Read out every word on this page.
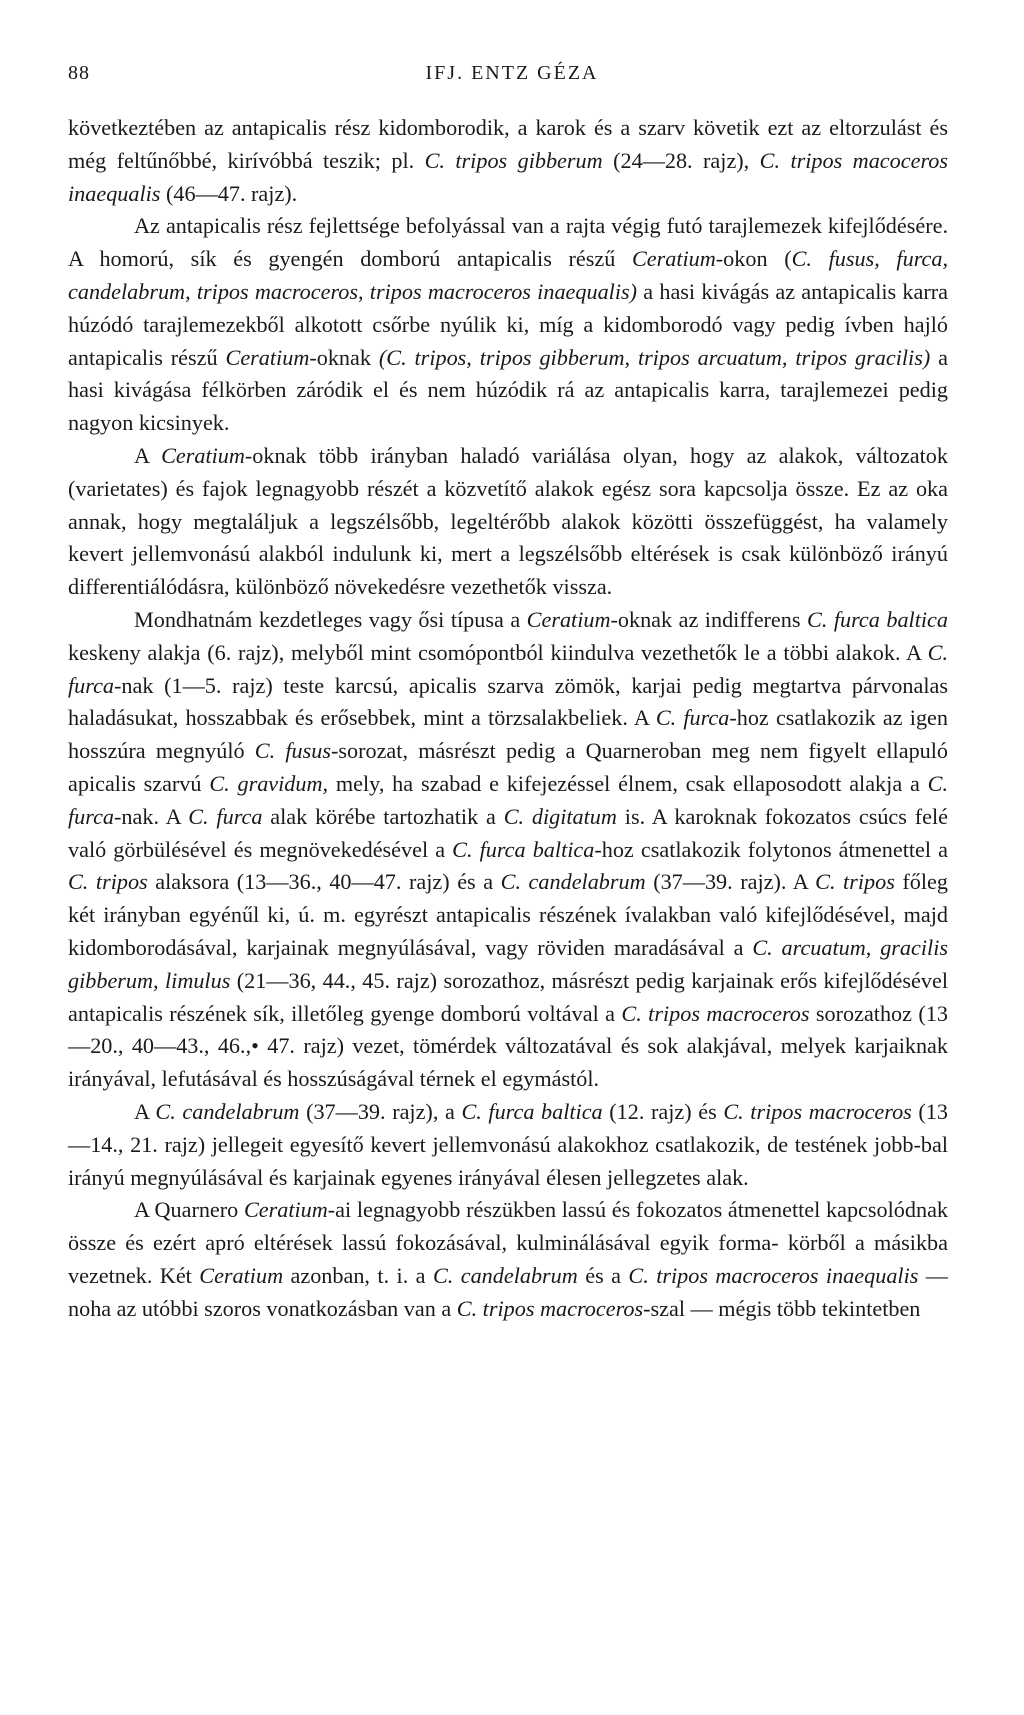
88	IFJ. ENTZ GÉZA

következtében az antapicalis rész kidomborodik, a karok és a szarv követik ezt az eltorzulást és még feltűnőbbé, kirívóbbá teszik; pl. C. tripos gibberum (24—28. rajz), C. tripos macoceros inaequalis (46—47. rajz).

Az antapicalis rész fejlettsége befolyással van a rajta végig futó tarajlemezek kifejlődésére. A homorú, sík és gyengén domború antapicalis részű Ceratium-okon (C. fusus, furca, candelabrum, tripos macroceros, tripos macroceros inaequalis) a hasi kivágás az antapicalis karra húzódó tarajlemezekből alkotott csőrbe nyúlik ki, míg a kidomborodó vagy pedig ívben hajló antapicalis részű Ceratium-oknak (C. tripos, tripos gibberum, tripos arcuatum, tripos gracilis) a hasi kivágása félkörben záródik el és nem húzódik rá az antapicalis karra, tarajlemezei pedig nagyon kicsinyek.

A Ceratium-oknak több irányban haladó variálása olyan, hogy az alakok, változatok (varietates) és fajok legnagyobb részét a közvetítő alakok egész sora kapcsolja össze. Ez az oka annak, hogy megtaláljuk a legszélsőbb, legeltérőbb alakok közötti összefüggést, ha valamely kevert jellemvonású alakból indulunk ki, mert a legszélsőbb eltérések is csak különböző irányú differentiálódásra, különböző növekedésre vezethetők vissza.

Mondhatnám kezdetleges vagy ősi típusa a Ceratium-oknak az indifferens C. furca baltica keskeny alakja (6. rajz), melyből mint csomópontból kiindulva vezethetők le a többi alakok. A C. furca-nak (1—5. rajz) teste karcsú, apicalis szarva zömök, karjai pedig megtartva párvonalas haladásukat, hosszabbak és erősebbek, mint a törzsalakbeliek. A C. furca-hoz csatlakozik az igen hosszúra megnyúló C. fusus-sorozat, másrészt pedig a Quarneroban meg nem figyelt ellapuló apicalis szarvú C. gravidum, mely, ha szabad e kifejezéssel élnem, csak ellaposodott alakja a C. furca-nak. A C. furca alak körébe tartozhatik a C. digitatum is. A karoknak fokozatos csúcs felé való görbülésével és megnövekedésével a C. furca baltica-hoz csatlakozik folytonos átmenettel a C. tripos alaksora (13—36., 40—47. rajz) és a C. candelabrum (37—39. rajz). A C. tripos főleg két irányban egyénűl ki, ú. m. egyrészt antapicalis részének ívalakban való kifejlődésével, majd kidomborodásával, karjainak megnyúlásával, vagy röviden maradásával a C. arcuatum, gracilis gibberum, limulus (21—36, 44., 45. rajz) sorozathoz, másrészt pedig karjainak erős kifejlődésével antapicalis részének sík, illetőleg gyenge domború voltával a C. tripos macroceros sorozathoz (13—20., 40—43., 46.,• 47. rajz) vezet, tömérdek változatával és sok alakjával, melyek karjaiknak irányával, lefutásával és hosszúságával térnek el egymástól.

A C. candelabrum (37—39. rajz), a C. furca baltica (12. rajz) és C. tripos macroceros (13—14., 21. rajz) jellegeit egyesítő kevert jellemvonású alakokhoz csatlakozik, de testének jobb-bal irányú megnyúlásával és karjainak egyenes irányával élesen jellegzetes alak.

A Quarnero Ceratium-ai legnagyobb részükben lassú és fokozatos átmenettel kapcsolódnak össze és ezért apró eltérések lassú fokozásával, kulminálásával egyik forma- körből a másikba vezetnek. Két Ceratium azonban, t. i. a C. candelabrum és a C. tripos macroceros inaequalis — noha az utóbbi szoros vonatkozásban van a C. tripos macroceros-szal — mégis több tekintetben
